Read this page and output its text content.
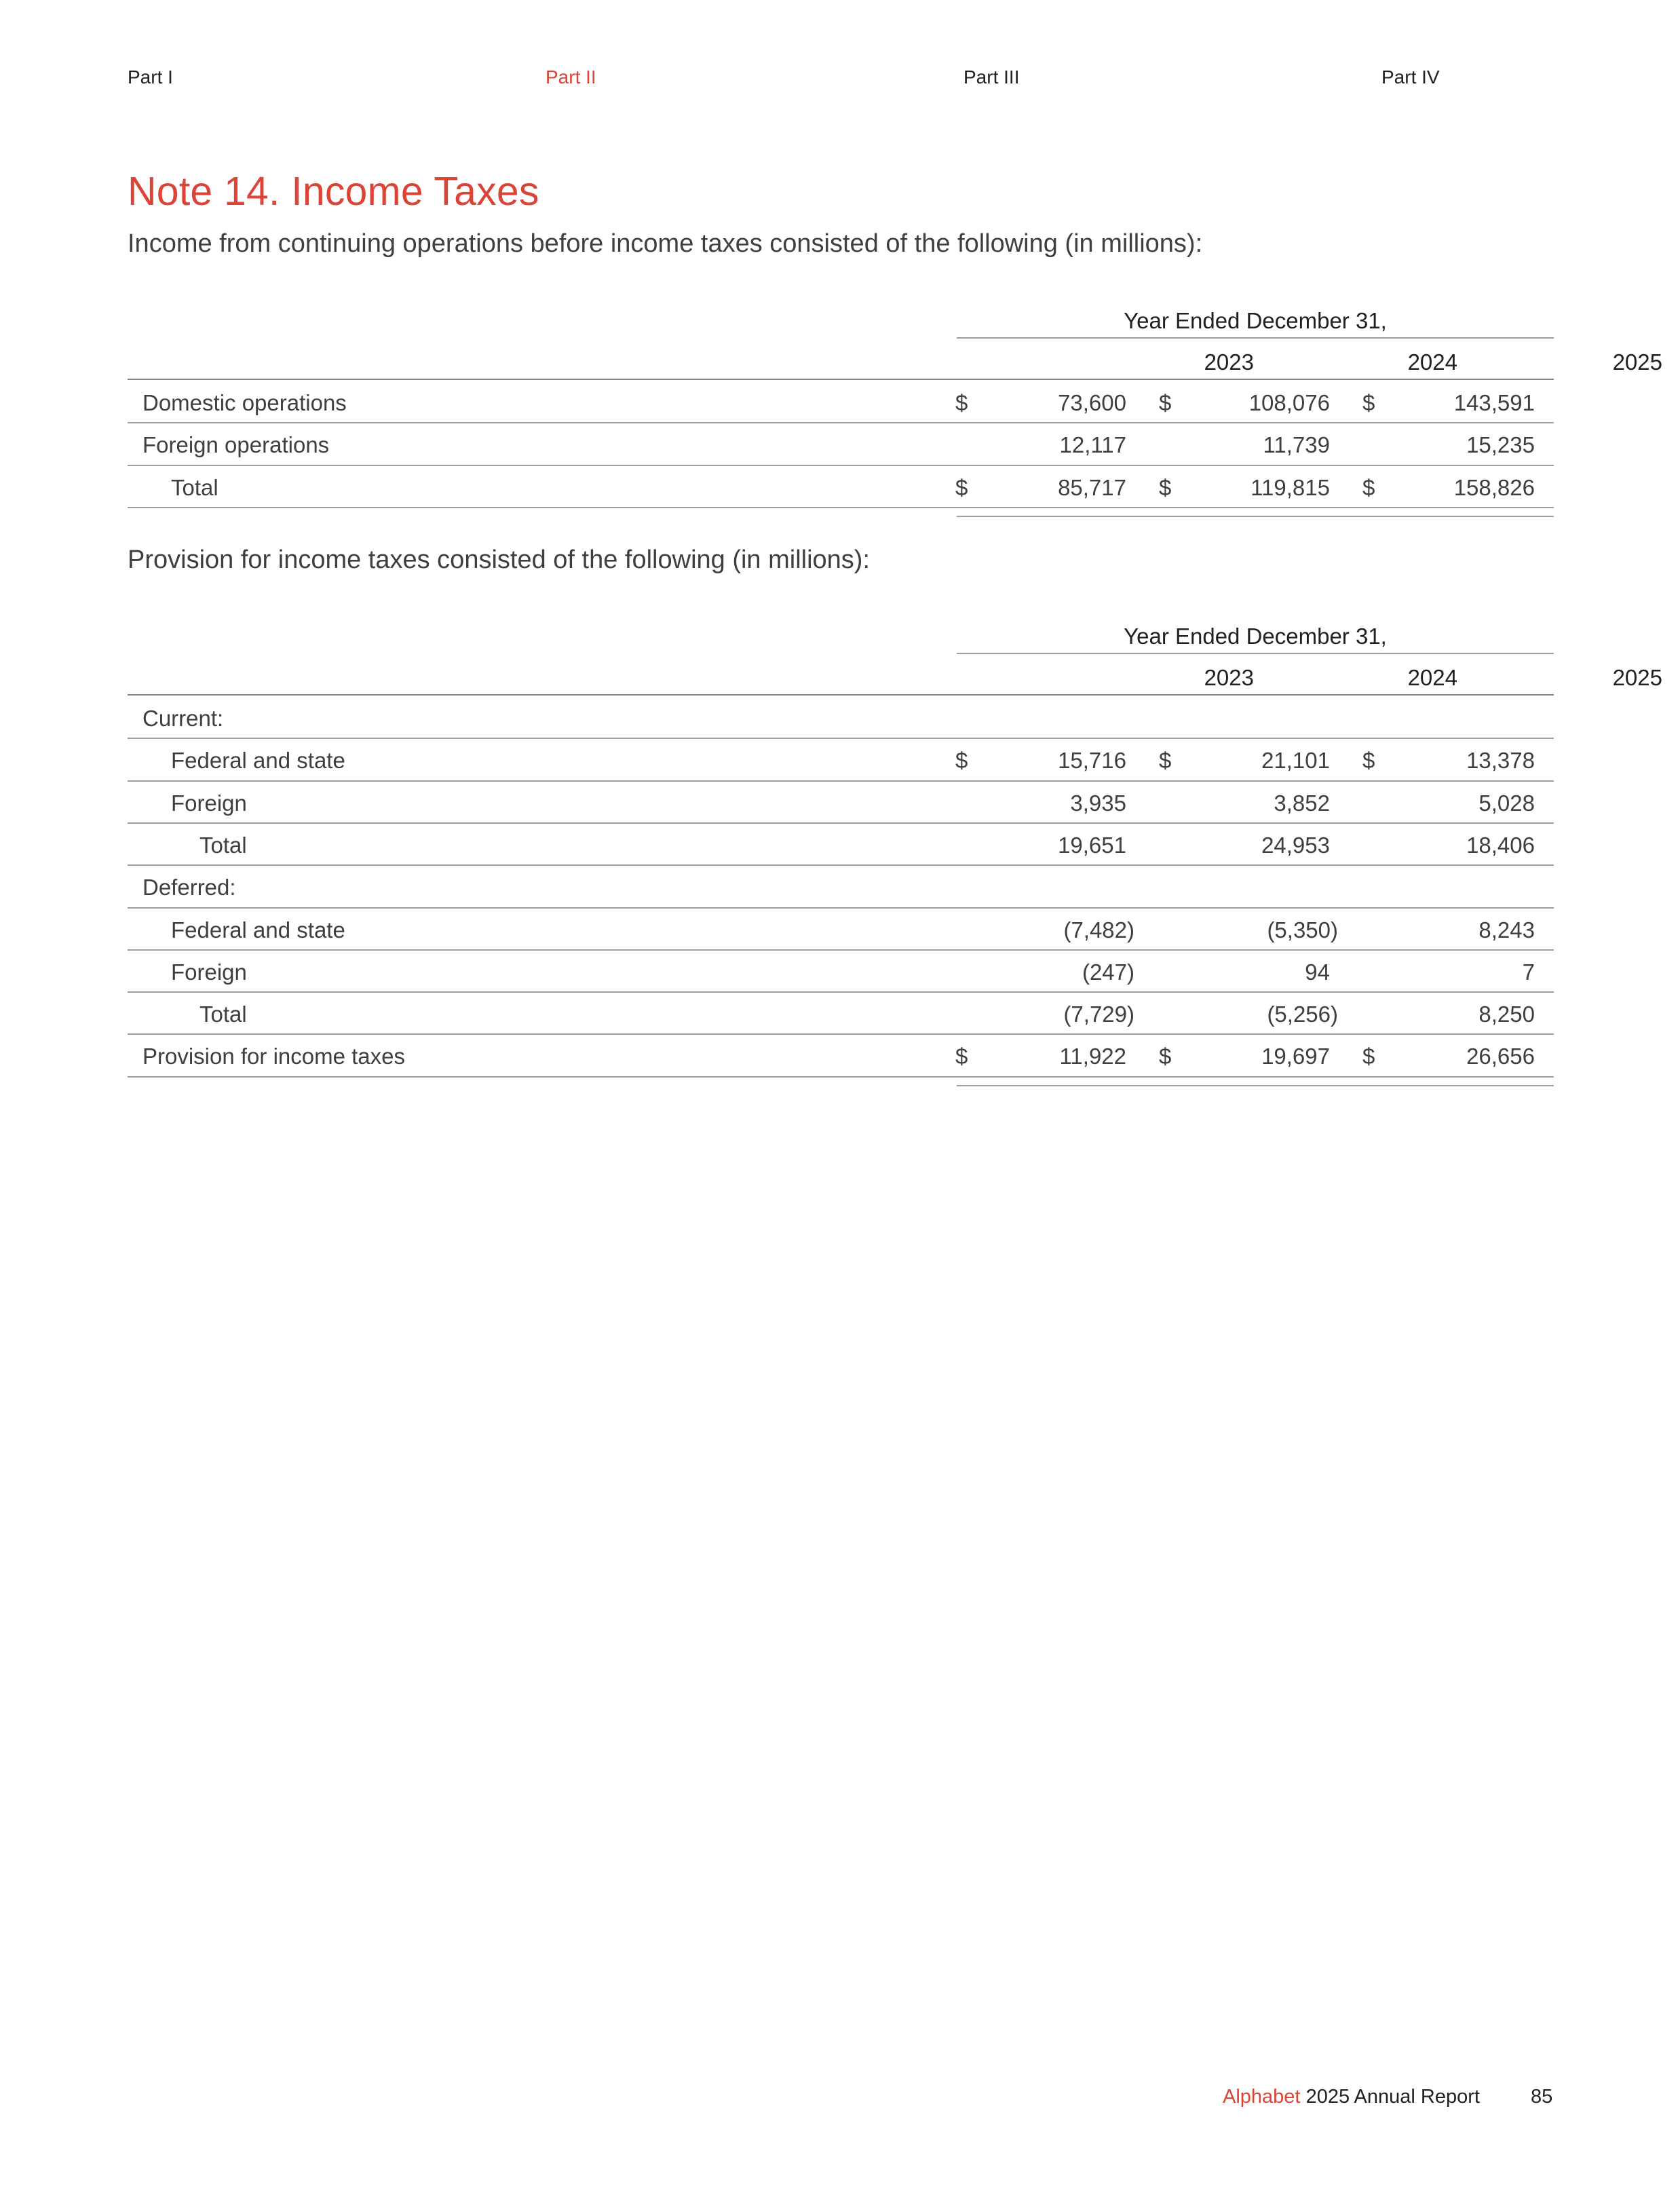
Part I	Part II	Part III	Part IV
Note 14. Income Taxes
Income from continuing operations before income taxes consisted of the following (in millions):
Year Ended December 31,
2023	2024	2025
Domestic operations	$	73,600 $	108,076 $	143,591
Foreign operations	12,117	11,739	15,235
Total	$	85,717 $	119,815 $	158,826
Provision for income taxes consisted of the following (in millions):
Year Ended December 31,
2023	2024	2025
Current:
Federal and state	$	15,716 $	21,101 $	13,378
Foreign	3,935	3,852	5,028
Total	19,651	24,953	18,406
Deferred:
Federal and state	(7,482)	(5,350)	8,243
Foreign	(247)	94	7
Total	(7,729)	(5,256)	8,250
Provision for income taxes	$	11,922 $	19,697 $	26,656
Alphabet 2025 Annual Report	85
